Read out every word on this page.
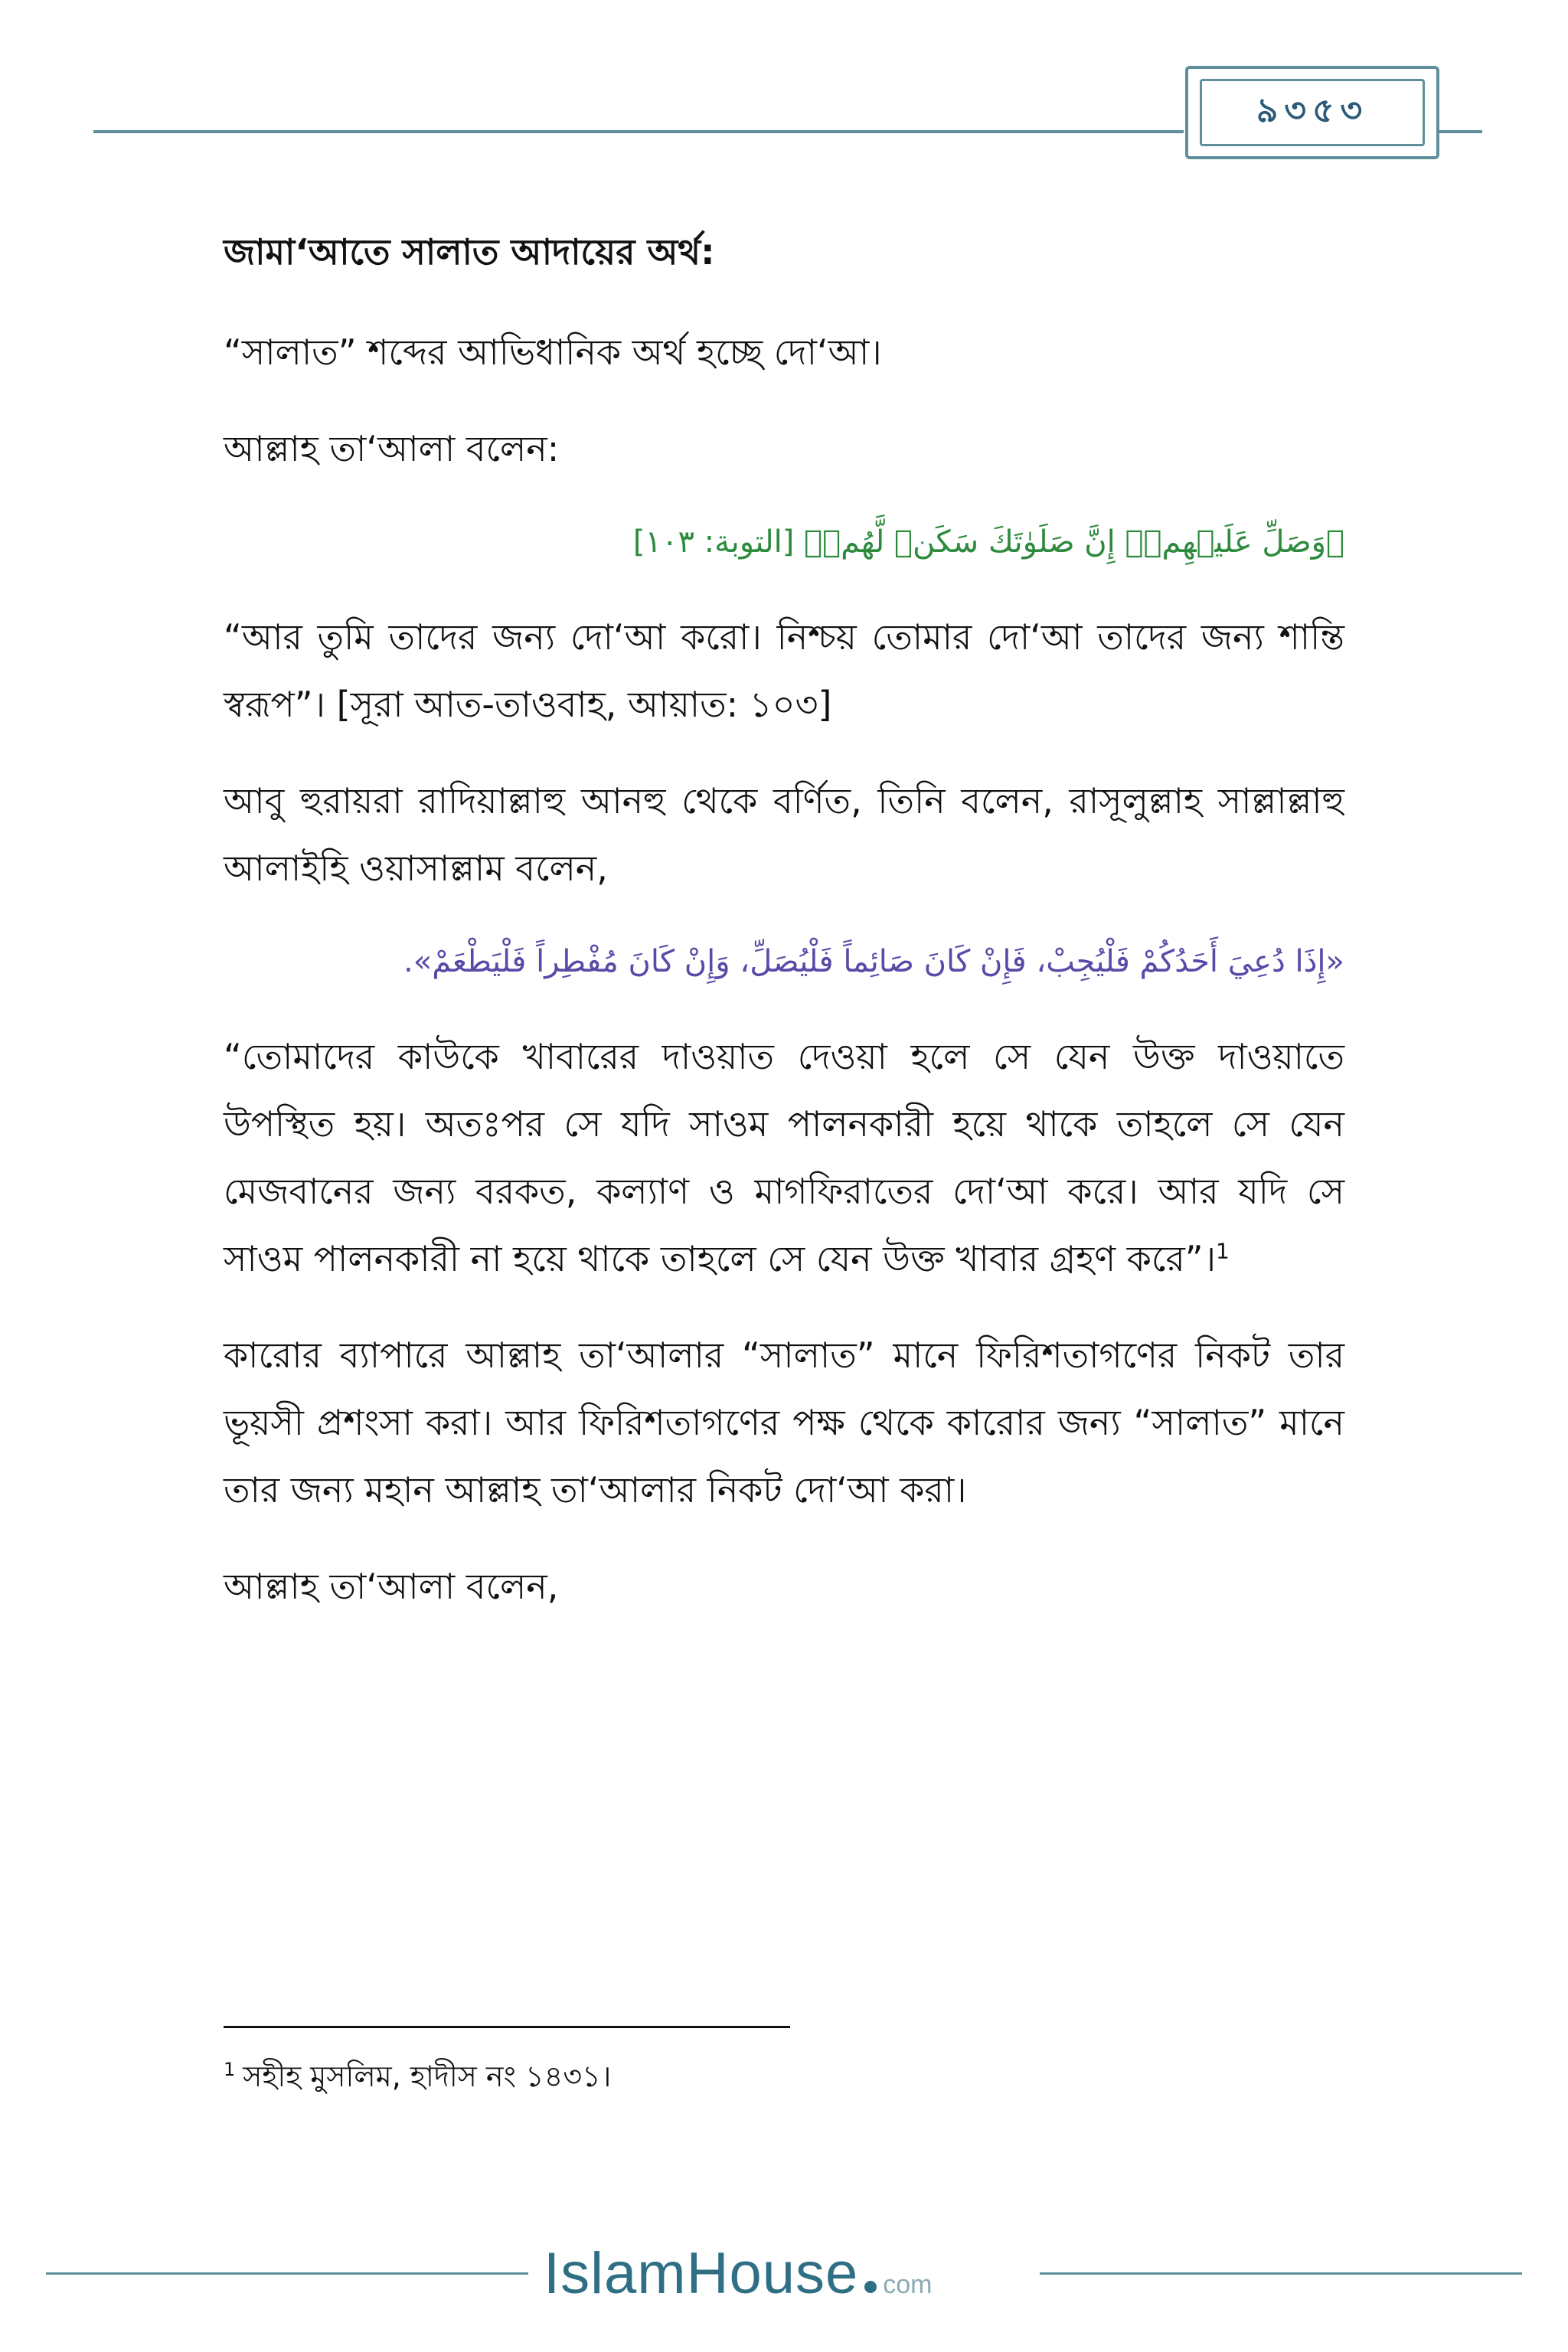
৯৩৫৩
জামা‘আতে সালাত আদায়ের অর্থ:

“সালাত” শব্দের আভিধানিক অর্থ হচ্ছে দো‘আ।

আল্লাহ তা‘আলা বলেন:

﴿وَصَلِّ عَلَيۡهِمۡۖ إِنَّ صَلَوٰتَكَ سَكَنٞ لَّهُمۡ﴾ [التوبة: ١٠٣]

“আর তুমি তাদের জন্য দো‘আ করো। নিশ্চয় তোমার দো‘আ তাদের জন্য শান্তি স্বরূপ”। [সূরা আত-তাওবাহ, আয়াত: ১০৩]

আবু হুরায়রা রাদিয়াল্লাহু আনহু থেকে বর্ণিত, তিনি বলেন, রাসূলুল্লাহ সাল্লাল্লাহু আলাইহি ওয়াসাল্লাম বলেন,

«إِذَا دُعِيَ أَحَدُكُمْ فَلْيُجِبْ، فَإِنْ كَانَ صَائِماً فَلْيُصَلِّ، وَإِنْ كَانَ مُفْطِراً فَلْيَطْعَمْ».

“তোমাদের কাউকে খাবারের দাওয়াত দেওয়া হলে সে যেন উক্ত দাওয়াতে উপস্থিত হয়। অতঃপর সে যদি সাওম পালনকারী হয়ে থাকে তাহলে সে যেন মেজবানের জন্য বরকত, কল্যাণ ও মাগফিরাতের দো‘আ করে। আর যদি সে সাওম পালনকারী না হয়ে থাকে তাহলে সে যেন উক্ত খাবার গ্রহণ করে”।$^1$

কারোর ব্যাপারে আল্লাহ তা‘আলার “সালাত” মানে ফিরিশতাগণের নিকট তার ভূয়সী প্রশংসা করা। আর ফিরিশতাগণের পক্ষ থেকে কারোর জন্য “সালাত” মানে তার জন্য মহান আল্লাহ তা‘আলার নিকট দো‘আ করা।

আল্লাহ তা‘আলা বলেন,

$^1$ সহীহ মুসলিম, হাদীস নং ১৪৩১।
IslamHouse com
